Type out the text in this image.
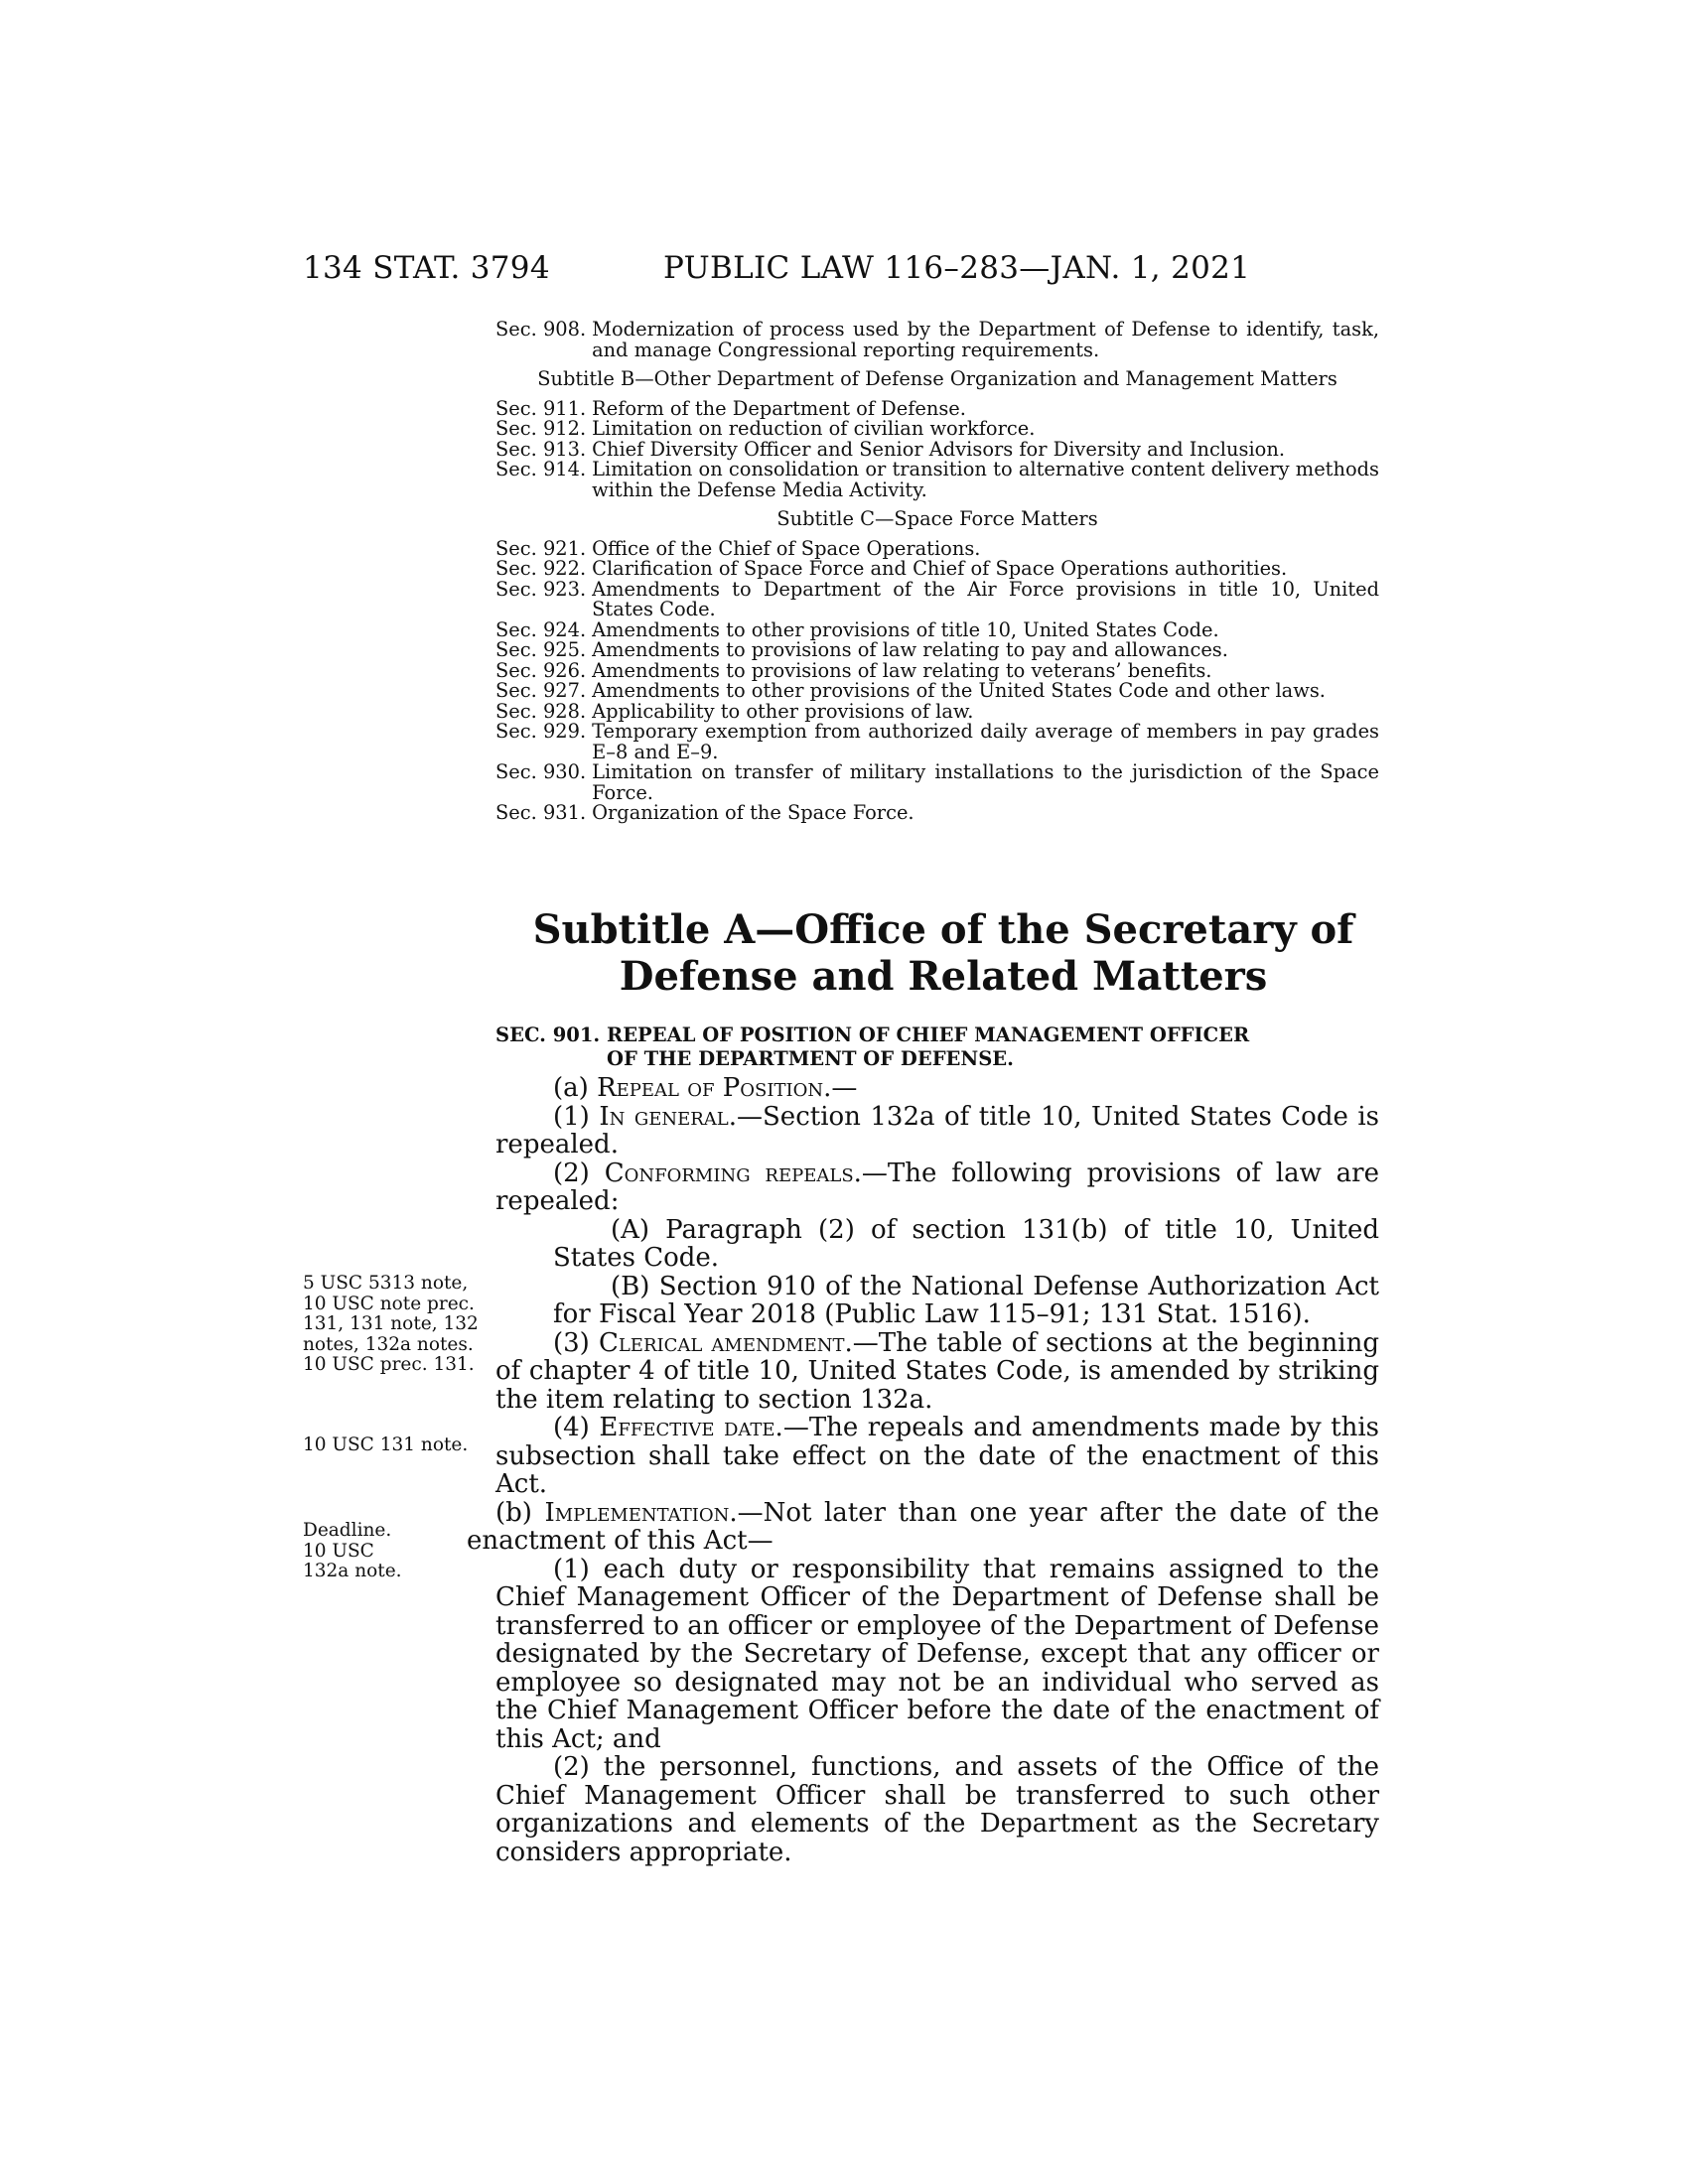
134 STAT. 3794	PUBLIC LAW 116–283—JAN. 1, 2021
Sec. 908. Modernization of process used by the Department of Defense to identify, task, and manage Congressional reporting requirements.
Subtitle B—Other Department of Defense Organization and Management Matters
Sec. 911. Reform of the Department of Defense.
Sec. 912. Limitation on reduction of civilian workforce.
Sec. 913. Chief Diversity Officer and Senior Advisors for Diversity and Inclusion.
Sec. 914. Limitation on consolidation or transition to alternative content delivery methods within the Defense Media Activity.
Subtitle C—Space Force Matters
Sec. 921. Office of the Chief of Space Operations.
Sec. 922. Clarification of Space Force and Chief of Space Operations authorities.
Sec. 923. Amendments to Department of the Air Force provisions in title 10, United States Code.
Sec. 924. Amendments to other provisions of title 10, United States Code.
Sec. 925. Amendments to provisions of law relating to pay and allowances.
Sec. 926. Amendments to provisions of law relating to veterans’ benefits.
Sec. 927. Amendments to other provisions of the United States Code and other laws.
Sec. 928. Applicability to other provisions of law.
Sec. 929. Temporary exemption from authorized daily average of members in pay grades E–8 and E–9.
Sec. 930. Limitation on transfer of military installations to the jurisdiction of the Space Force.
Sec. 931. Organization of the Space Force.
Subtitle A—Office of the Secretary of
Defense and Related Matters
SEC. 901. REPEAL OF POSITION OF CHIEF MANAGEMENT OFFICER
OF THE DEPARTMENT OF DEFENSE.

(a) Repeal of Position.—

(1) In general.—Section 132a of title 10, United States Code is repealed.

(2) Conforming repeals.—The following provisions of law are repealed:

(A) Paragraph (2) of section 131(b) of title 10, United States Code.

(B) Section 910 of the National Defense Authorization Act for Fiscal Year 2018 (Public Law 115–91; 131 Stat. 1516).

(3) Clerical amendment.—The table of sections at the beginning of chapter 4 of title 10, United States Code, is amended by striking the item relating to section 132a.

(4) Effective date.—The repeals and amendments made by this subsection shall take effect on the date of the enactment of this Act.

(b) Implementation.—Not later than one year after the date of the enactment of this Act—

(1) each duty or responsibility that remains assigned to the Chief Management Officer of the Department of Defense shall be transferred to an officer or employee of the Department of Defense designated by the Secretary of Defense, except that any officer or employee so designated may not be an individual who served as the Chief Management Officer before the date of the enactment of this Act; and

(2) the personnel, functions, and assets of the Office of the Chief Management Officer shall be transferred to such other organizations and elements of the Department as the Secretary considers appropriate.

5 USC 5313 note, 10 USC note prec. 131, 131 note, 132 notes, 132a notes. 10 USC prec. 131.
10 USC 131 note.
Deadline. 10 USC 132a note.
